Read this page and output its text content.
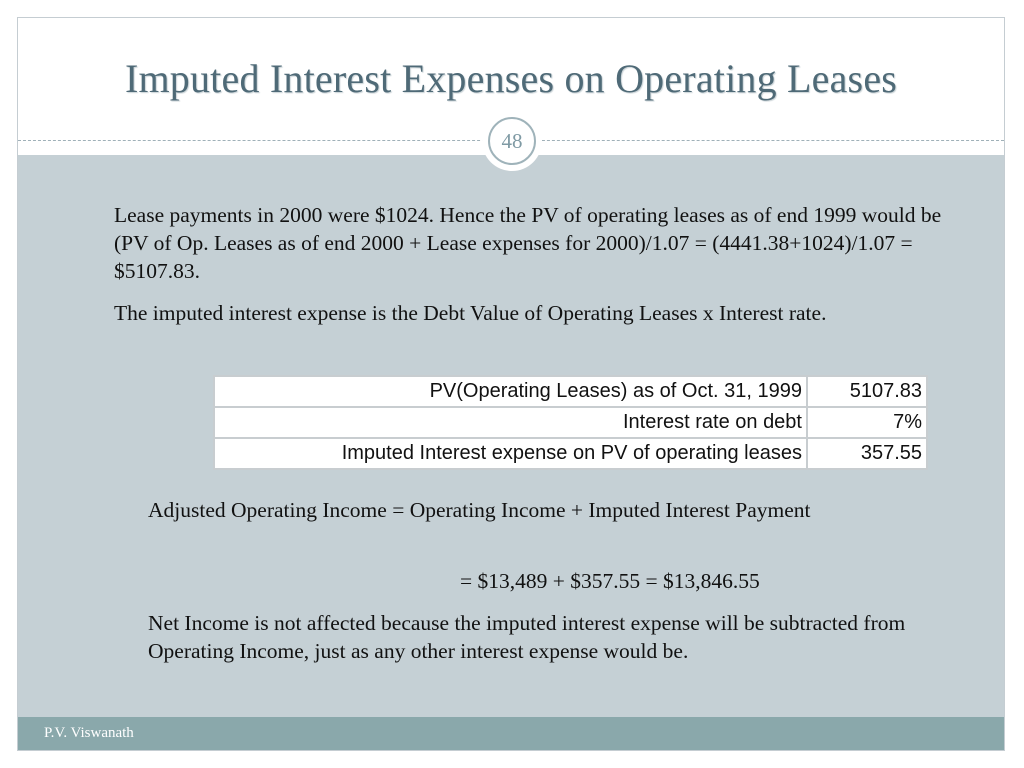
Imputed Interest Expenses on Operating Leases
48
Lease payments in 2000 were $1024. Hence the PV of operating leases as of end 1999 would be (PV of Op. Leases as of end 2000 + Lease expenses for 2000)/1.07 = (4441.38+1024)/1.07 = $5107.83.
The imputed interest expense is the Debt Value of Operating Leases x Interest rate.
PV(Operating Leases) as of Oct. 31, 1999	5107.83
Interest rate on debt	7%
Imputed Interest expense on PV of operating leases	357.55
Adjusted Operating Income = Operating Income + Imputed Interest Payment
= $13,489 + $357.55 = $13,846.55
Net Income is not affected because the imputed interest expense will be subtracted from Operating Income, just as any other interest expense would be.
P.V. Viswanath
